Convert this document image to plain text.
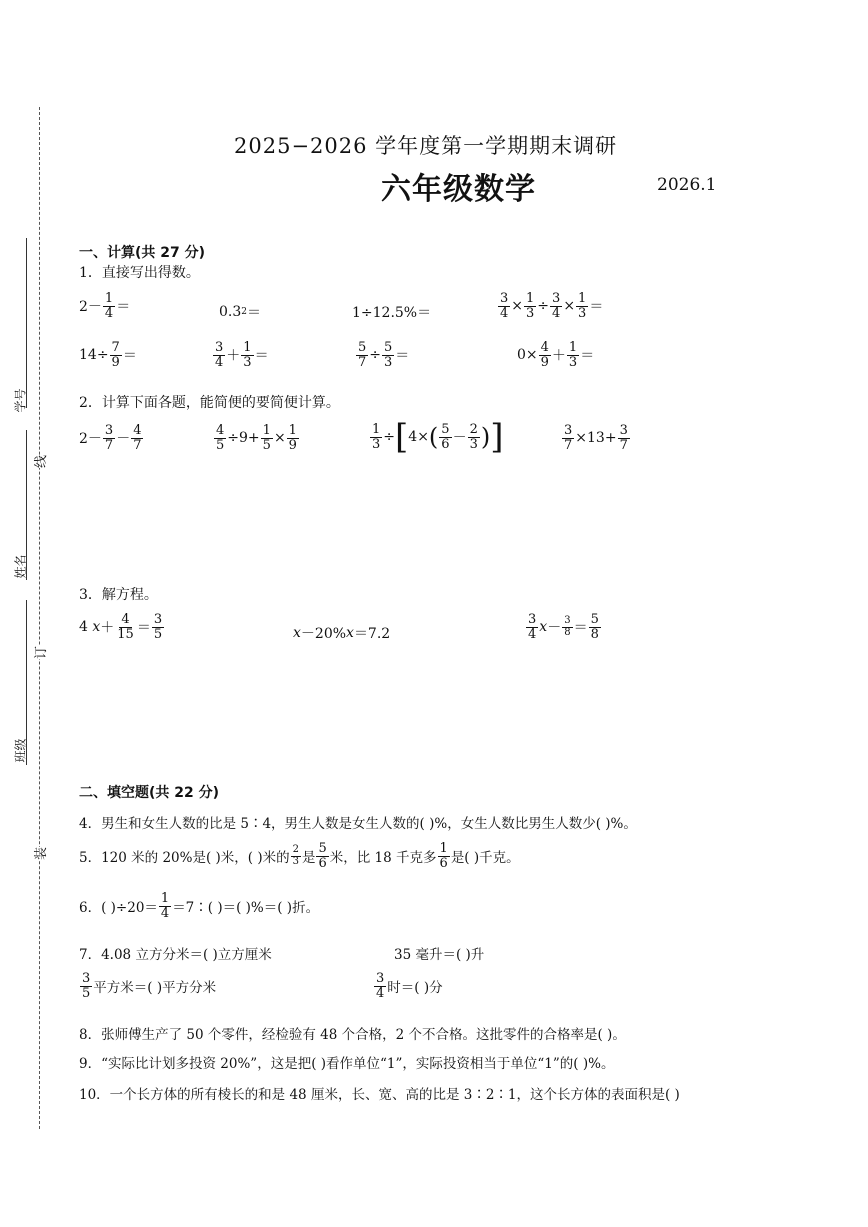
学号
姓名
班级
线
订
装
2025−2026 学年度第一学期期末调研
六年级数学	2026.1
一、计算(共 27 分)
1．直接写出得数。
$2- \frac{1}{4}$ ＝	0.3 2 ＝	1÷12.5%＝	$\frac{3}{4} \times \frac{1}{3} \div \frac{3}{4} \times \frac{1}{3}$ ＝
$14\div \frac{7}{9}$ ＝	$\frac{3}{4} + \frac{1}{3}$ ＝	$\frac{5}{7} \div \frac{5}{3}$ ＝	$0\times \frac{4}{9} + \frac{1}{3}$ ＝
2．计算下面各题，能简便的要简便计算。
$2- \frac{3}{7} - \frac{4}{7}$	$\frac{4}{5} \div 9+ \frac{1}{5} \times \frac{1}{9}$	$\frac{1}{3}$ ÷ [ 4× ( $\frac{5}{6} - \frac{2}{3}$ ) ]	$\frac{3}{7} \times 13+ \frac{3}{7}$
3．解方程。
4
$x + \frac{4}{15} = \frac{3}{5}$	x －20% x ＝7.2	$\frac{3}{4}$ $x - \frac{3}{8} = \frac{5}{8}$
二、填空题(共 22 分)
4．男生和女生人数的比是 5∶4，男生人数是女生人数的( )%，女生人数比男生人数少( )%。
5．120 米的 20%是( )米，( )米的 $\frac{2}{3}$ 是 $\frac{5}{6}$ 米，比 18 千克多 $\frac{1}{6}$ 是( )千克。
6．( )$\div 20= \frac{1}{4}$ ＝7∶( )＝( )%＝( )折。
7．4.08 立方分米＝( )立方厘米	35 毫升＝( )升
$\frac{3}{5}$ 平方米＝( )平方分米	$\frac{3}{4}$ 时＝( )分
8．张师傅生产了 50 个零件，经检验有 48 个合格，2 个不合格。这批零件的合格率是( )。
9．“实际比计划多投资 20%”，这是把( )看作单位“1”，实际投资相当于单位“1”的( )%。
10．一个长方体的所有棱长的和是 48 厘米，长、宽、高的比是 3∶2∶1，这个长方体的表面积是( )
